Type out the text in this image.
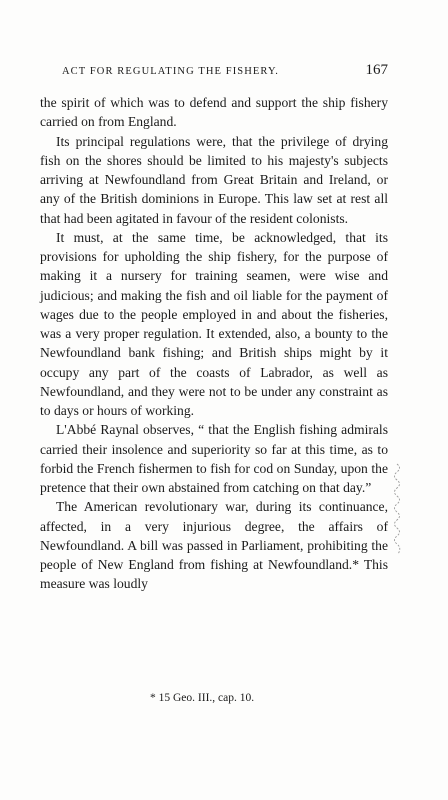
ACT FOR REGULATING THE FISHERY.	167

the spirit of which was to defend and support the ship fishery carried on from England.

Its principal regulations were, that the privilege of drying fish on the shores should be limited to his majesty's subjects arriving at Newfoundland from Great Britain and Ireland, or any of the British dominions in Europe. This law set at rest all that had been agitated in favour of the resident colonists.

It must, at the same time, be acknowledged, that its provisions for upholding the ship fishery, for the purpose of making it a nursery for training seamen, were wise and judicious; and making the fish and oil liable for the payment of wages due to the people employed in and about the fisheries, was a very proper regulation. It extended, also, a bounty to the Newfoundland bank fishing; and British ships might by it occupy any part of the coasts of Labrador, as well as Newfoundland, and they were not to be under any constraint as to days or hours of working.

L'Abbé Raynal observes, “ that the English fishing admirals carried their insolence and superiority so far at this time, as to forbid the French fishermen to fish for cod on Sunday, upon the pretence that their own abstained from catching on that day.”

The American revolutionary war, during its continuance, affected, in a very injurious degree, the affairs of Newfoundland. A bill was passed in Parliament, prohibiting the people of New England from fishing at Newfoundland.* This measure was loudly

* 15 Geo. III., cap. 10.
